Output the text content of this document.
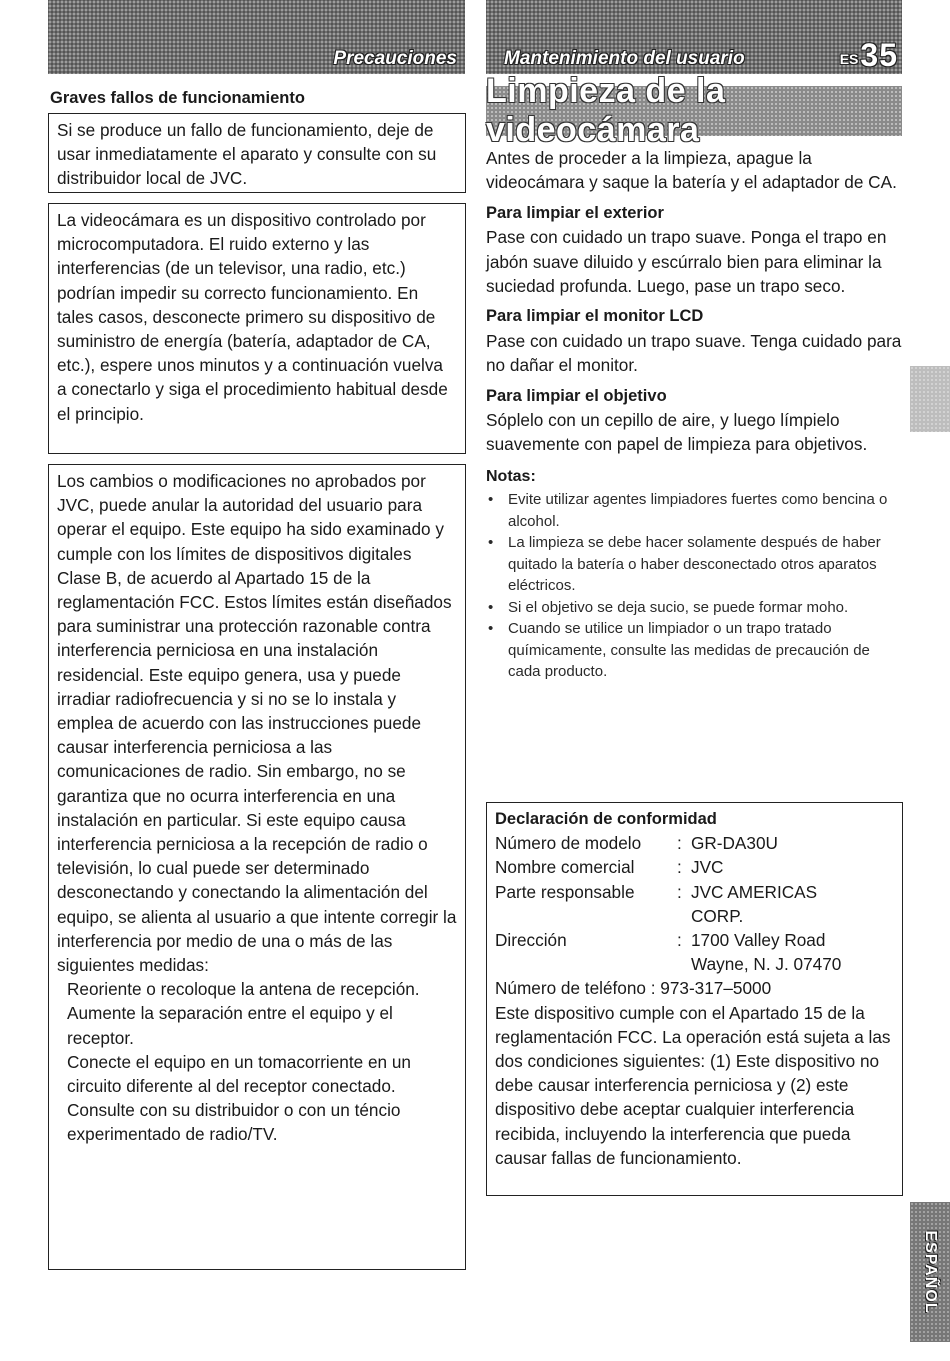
Precauciones Mantenimiento del usuario	ES 35
Graves fallos de funcionamiento

Si se produce un fallo de funcionamiento, deje de usar inmediatamente el aparato y consulte con su distribuidor local de JVC.

La videocámara es un dispositivo controlado por microcomputadora. El ruido externo y las interferencias (de un televisor, una radio, etc.) podrían impedir su correcto funcionamiento. En tales casos, desconecte primero su dispositivo de suministro de energía (batería, adaptador de CA, etc.), espere unos minutos y a continuación vuelva a conectarlo y siga el procedimiento habitual desde el principio.

Los cambios o modificaciones no aprobados por JVC, puede anular la autoridad del usuario para operar el equipo. Este equipo ha sido examinado y cumple con los límites de dispositivos digitales Clase B, de acuerdo al Apartado 15 de la reglamentación FCC. Estos límites están diseñados para suministrar una protección razonable contra interferencia perniciosa en una instalación residencial. Este equipo genera, usa y puede irradiar radiofrecuencia y si no se lo instala y emplea de acuerdo con las instrucciones puede causar interferencia perniciosa a las comunicaciones de radio. Sin embargo, no se garantiza que no ocurra interferencia en una instalación en particular. Si este equipo causa interferencia perniciosa a la recepción de radio o televisión, lo cual puede ser determinado desconectando y conectando la alimentación del equipo, se alienta al usuario a que intente corregir la interferencia por medio de una o más de las siguientes medidas:

Reoriente o recoloque la antena de recepción.

Aumente la separación entre el equipo y el receptor.

Conecte el equipo en un tomacorriente en un circuito diferente al del receptor conectado.

Consulte con su distribuidor o con un téncio experimentado de radio/TV.

Limpieza de la videocámara

Antes de proceder a la limpieza, apague la videocámara y saque la batería y el adaptador de CA.

Para limpiar el exterior

Pase con cuidado un trapo suave. Ponga el trapo en jabón suave diluido y escúrralo bien para eliminar la suciedad profunda. Luego, pase un trapo seco.

Para limpiar el monitor LCD

Pase con cuidado un trapo suave. Tenga cuidado para no dañar el monitor.

Para limpiar el objetivo

Sóplelo con un cepillo de aire, y luego límpielo suavemente con papel de limpieza para objetivos.

Notas:

• Evite utilizar agentes limpiadores fuertes como bencina o alcohol.
• La limpieza se debe hacer solamente después de haber quitado la batería o haber desconectado otros aparatos eléctricos.
• Si el objetivo se deja sucio, se puede formar moho.
• Cuando se utilice un limpiador o un trapo tratado químicamente, consulte las medidas de precaución de cada producto.

Declaración de conformidad

Número de modelo	: GR-DA30U
Nombre comercial	: JVC
Parte responsable	: JVC AMERICAS CORP.
Dirección	: 1700 Valley Road Wayne, N. J. 07470

Número de teléfono : 973-317–5000

Este dispositivo cumple con el Apartado 15 de la reglamentación FCC. La operación está sujeta a las dos condiciones siguientes: (1) Este dispositivo no debe causar interferencia perniciosa y (2) este dispositivo debe aceptar cualquier interferencia recibida, incluyendo la interferencia que pueda causar fallas de funcionamiento.

ESPAÑOL
